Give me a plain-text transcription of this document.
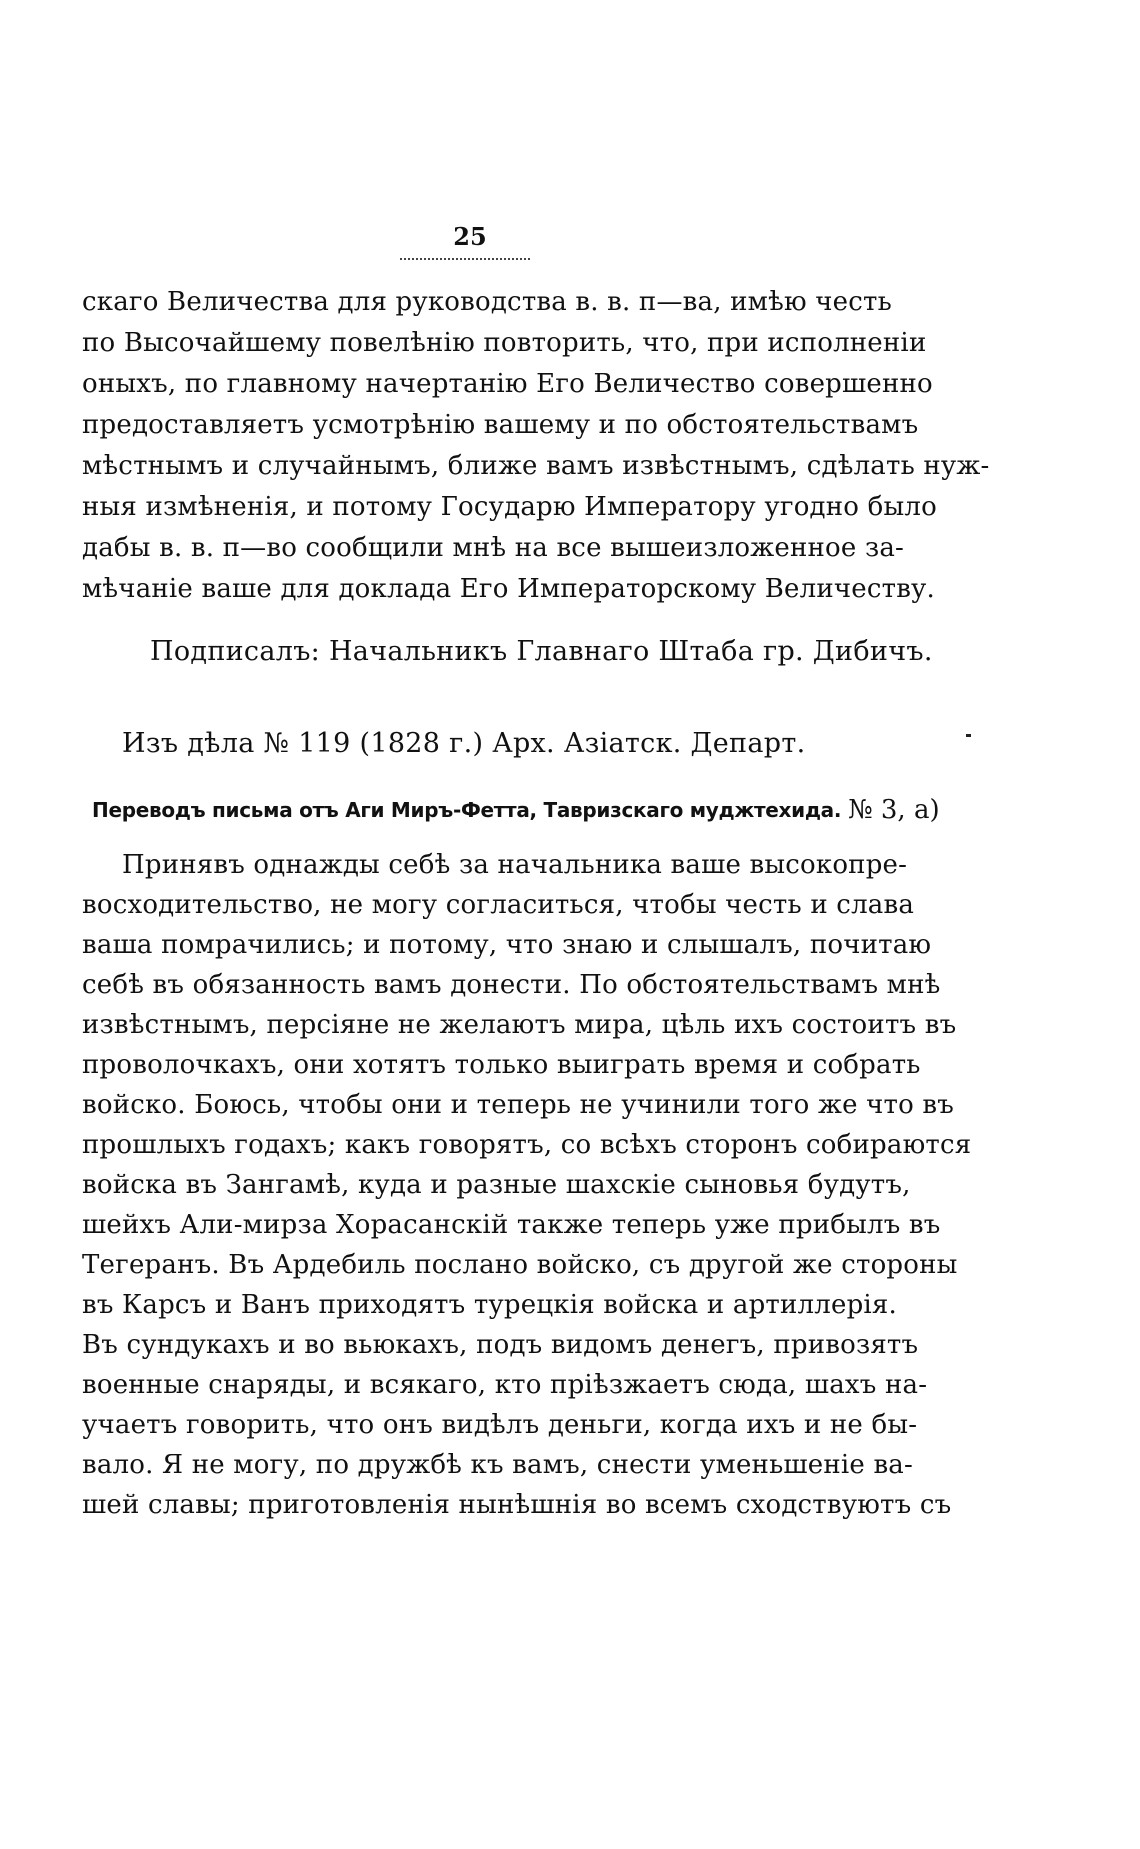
25
скаго Величества для руководства в. в. п—ва, имѣю честь
по Высочайшему повелѣнію повторить, что, при исполненіи
оныхъ, по главному начертанію Его Величество совершенно
предоставляетъ усмотрѣнію вашему и по обстоятельствамъ
мѣстнымъ и случайнымъ, ближе вамъ извѣстнымъ, сдѣлать нуж-
ныя измѣненія, и потому Государю Императору угодно было
дабы в. в. п—во сообщили мнѣ на все вышеизложенное за-
мѣчаніе ваше для доклада Его Императорскому Величеству.
Подписалъ: Начальникъ Главнаго Штаба гр. Дибичъ.
Изъ дѣла № 119 (1828 г.) Арх. Азіатск. Департ.
Переводъ письма отъ Аги Миръ-Фетта, Тавризскаго муджтехида. № 3, а)
Принявъ однажды себѣ за начальника ваше высокопре-
восходительство, не могу согласиться, чтобы честь и слава
ваша помрачились; и потому, что знаю и слышалъ, почитаю
себѣ въ обязанность вамъ донести. По обстоятельствамъ мнѣ
извѣстнымъ, персіяне не желаютъ мира, цѣль ихъ состоитъ въ
проволочкахъ, они хотятъ только выиграть время и собрать
войско. Боюсь, чтобы они и теперь не учинили того же что въ
прошлыхъ годахъ; какъ говорятъ, со всѣхъ сторонъ собираются
войска въ Зангамѣ, куда и разные шахскіе сыновья будутъ,
шейхъ Али-мирза Хорасанскій также теперь уже прибылъ въ
Тегеранъ. Въ Ардебиль послано войско, съ другой же стороны
въ Карсъ и Ванъ приходятъ турецкія войска и артиллерія.
Въ сундукахъ и во вьюкахъ, подъ видомъ денегъ, привозятъ
военные снаряды, и всякаго, кто пріѣзжаетъ сюда, шахъ на-
учаетъ говорить, что онъ видѣлъ деньги, когда ихъ и не бы-
вало. Я не могу, по дружбѣ къ вамъ, снести уменьшеніе ва-
шей славы; приготовленія нынѣшнія во всемъ сходствуютъ съ
